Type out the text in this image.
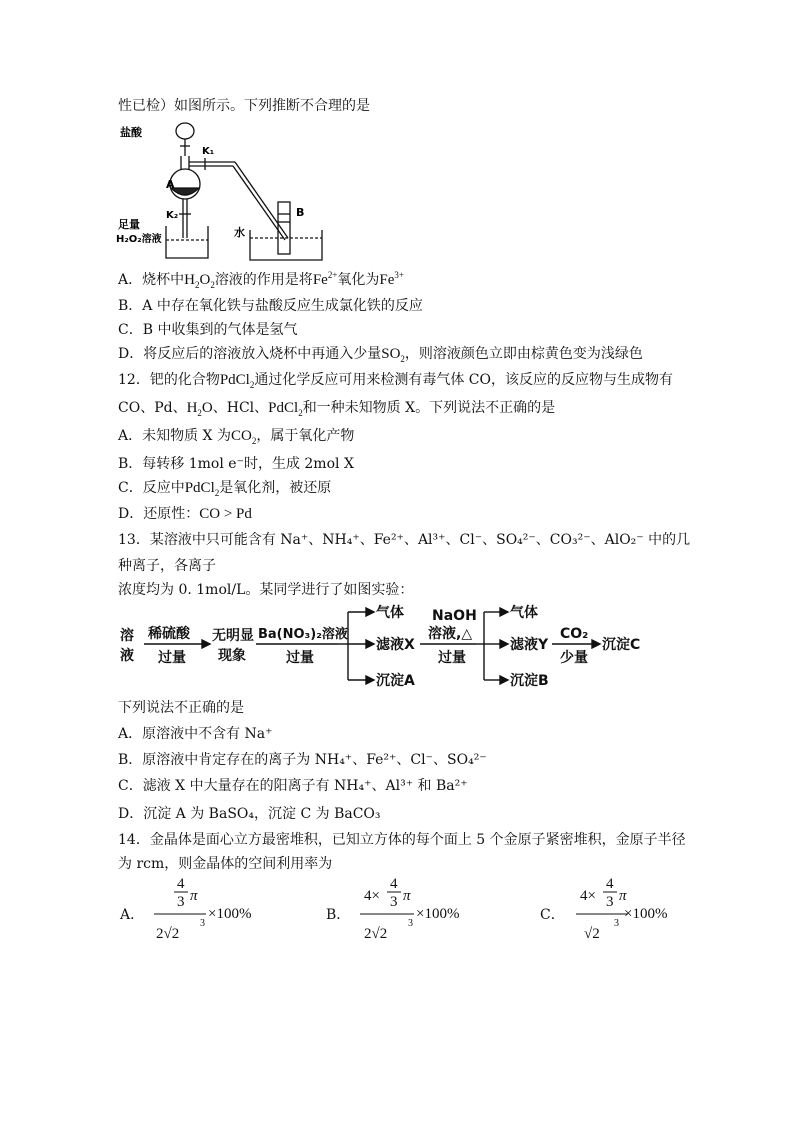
性已检）如图所示。下列推断不合理的是
盐酸
K₁
A
K₂
足量
H₂O₂溶液
水
B
A．烧杯中$H_2O_2$溶液的作用是将$Fe^{2+}$氧化为$Fe^{3+}$
B．A 中存在氧化铁与盐酸反应生成氯化铁的反应
C．B 中收集到的气体是氢气
D．将反应后的溶液放入烧杯中再通入少量$SO_2$，则溶液颜色立即由棕黄色变为浅绿色
12．钯的化合物PdCl$_2$通过化学反应可用来检测有毒气体 CO，该反应的反应物与生成物有
CO、Pd、$H_2O$、HCl、PdCl$_2$和一种未知物质 X。下列说法不正确的是
A．未知物质 X 为$CO_2$，属于氧化产物
B．每转移 1mol e⁻时，生成 2mol X
C．反应中PdCl$_2$是氧化剂，被还原
D．还原性：CO > Pd
13．某溶液中只可能含有 Na⁺、NH₄⁺、Fe²⁺、Al³⁺、Cl⁻、SO₄²⁻、CO₃²⁻、AlO₂⁻ 中的几
种离子，各离子
浓度均为 0. 1mol/L。某同学进行了如图实验：
溶
液
稀硫酸
过量
无明显
现象
Ba(NO₃)₂溶液
过量
气体
滤液X
沉淀A
NaOH
溶液,△
过量
气体
滤液Y
沉淀B
CO₂
少量
沉淀C
下列说法不正确的是
A．原溶液中不含有 Na⁺
B．原溶液中肯定存在的离子为 NH₄⁺、Fe²⁺、Cl⁻、SO₄²⁻
C．滤液 X 中大量存在的阳离子有 NH₄⁺、Al³⁺ 和 Ba²⁺
D．沉淀 A 为 BaSO₄，沉淀 C 为 BaCO₃
14．金晶体是面心立方最密堆积，已知立方体的每个面上 5 个金原子紧密堆积，金原子半径
为 rcm，则金晶体的空间利用率为
A．
4
3 π
2√2
3
×100%	B．
4×
4
3 π
2√2
3
×100%	C．
4×
4
3 π
√2
3
×100%
